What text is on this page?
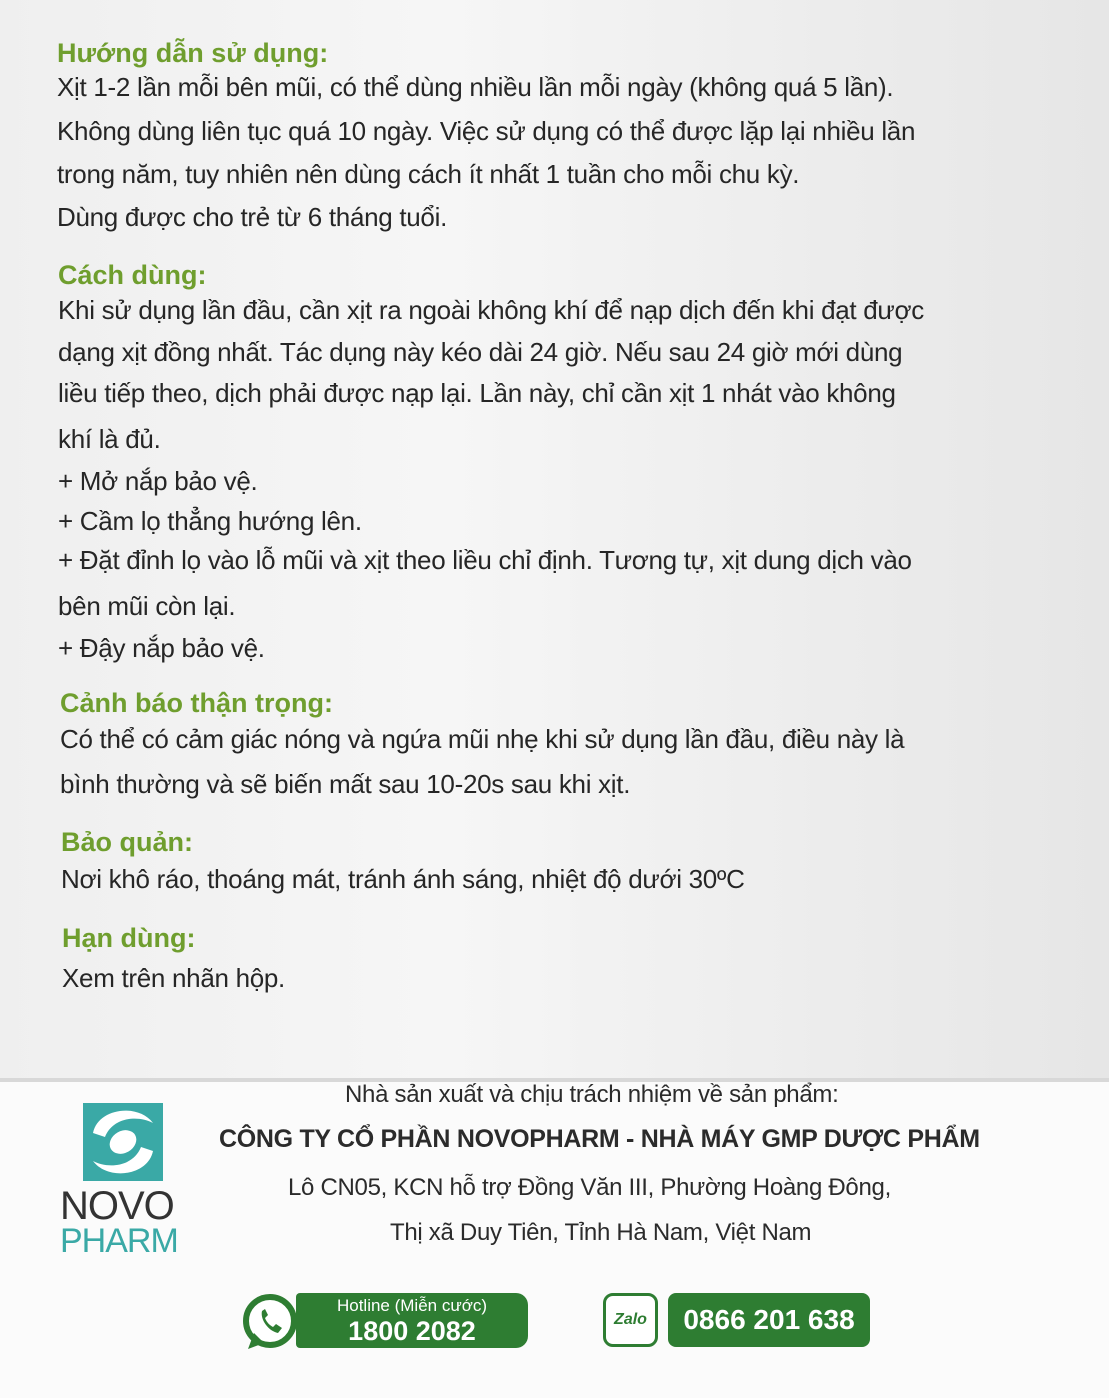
Hướng dẫn sử dụng:
Xịt 1-2 lần mỗi bên mũi, có thể dùng nhiều lần mỗi ngày (không quá 5 lần).
Không dùng liên tục quá 10 ngày. Việc sử dụng có thể được lặp lại nhiều lần
trong năm, tuy nhiên nên dùng cách ít nhất 1 tuần cho mỗi chu kỳ.
Dùng được cho trẻ từ 6 tháng tuổi.
Cách dùng:
Khi sử dụng lần đầu, cần xịt ra ngoài không khí để nạp dịch đến khi đạt được
dạng xịt đồng nhất. Tác dụng này kéo dài 24 giờ. Nếu sau 24 giờ mới dùng
liều tiếp theo, dịch phải được nạp lại. Lần này, chỉ cần xịt 1 nhát vào không
khí là đủ.
+ Mở nắp bảo vệ.
+ Cầm lọ thẳng hướng lên.
+ Đặt đỉnh lọ vào lỗ mũi và xịt theo liều chỉ định. Tương tự, xịt dung dịch vào
bên mũi còn lại.
+ Đậy nắp bảo vệ.
Cảnh báo thận trọng:
Có thể có cảm giác nóng và ngứa mũi nhẹ khi sử dụng lần đầu, điều này là
bình thường và sẽ biến mất sau 10-20s sau khi xịt.
Bảo quản:
Nơi khô ráo, thoáng mát, tránh ánh sáng, nhiệt độ dưới 30ºC
Hạn dùng:
Xem trên nhãn hộp.
NOVO
PHARM
Nhà sản xuất và chịu trách nhiệm về sản phẩm:
CÔNG TY CỔ PHẦN NOVOPHARM - NHÀ MÁY GMP DƯỢC PHẨM
Lô CN05, KCN hỗ trợ Đồng Văn III, Phường Hoàng Đông,
Thị xã Duy Tiên, Tỉnh Hà Nam, Việt Nam
Hotline (Miễn cước)
1800 2082	Zalo	0866 201 638
